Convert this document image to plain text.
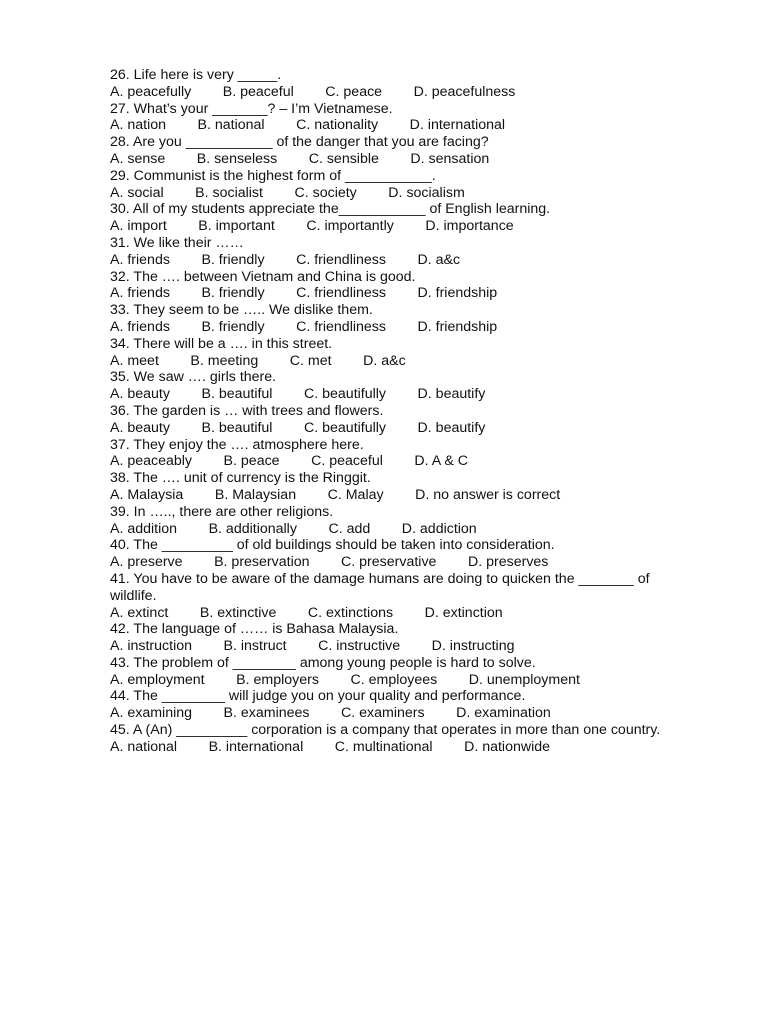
26. Life here is very _____.
A. peacefully        B. peaceful        C. peace        D. peacefulness
27. What’s your _______? – I’m Vietnamese.
A. nation        B. national        C. nationality        D. international
28. Are you ___________ of the danger that you are facing?
A. sense        B. senseless        C. sensible        D. sensation
29. Communist is the highest form of ___________.
A. social        B. socialist        C. society        D. socialism
30. All of my students appreciate the___________ of English learning.
A. import        B. important        C. importantly        D. importance
31. We like their ……
A. friends        B. friendly        C. friendliness        D. a&c
32. The …. between Vietnam and China is good.
A. friends        B. friendly        C. friendliness        D. friendship
33. They seem to be ….. We dislike them.
A. friends        B. friendly        C. friendliness        D. friendship
34. There will be a …. in this street.
A. meet        B. meeting        C. met        D. a&c
35. We saw …. girls there.
A. beauty        B. beautiful        C. beautifully        D. beautify
36. The garden is … with trees and flowers.
A. beauty        B. beautiful        C. beautifully        D. beautify
37. They enjoy the …. atmosphere here.
A. peaceably        B. peace        C. peaceful        D. A & C
38. The …. unit of currency is the Ringgit.
A. Malaysia        B. Malaysian        C. Malay        D. no answer is correct
39. In ….., there are other religions.
A. addition        B. additionally        C. add        D. addiction
40. The _________ of old buildings should be taken into consideration.
A. preserve        B. preservation        C. preservative        D. preserves
41. You have to be aware of the damage humans are doing to quicken the _______ of wildlife.
A. extinct        B. extinctive        C. extinctions        D. extinction
42. The language of …… is Bahasa Malaysia.
A. instruction        B. instruct        C. instructive        D. instructing
43. The problem of ________ among young people is hard to solve.
A. employment        B. employers        C. employees        D. unemployment
44. The ________ will judge you on your quality and performance.
A. examining        B. examinees        C. examiners        D. examination
45. A (An) _________ corporation is a company that operates in more than one country.
A. national        B. international        C. multinational        D. nationwide
